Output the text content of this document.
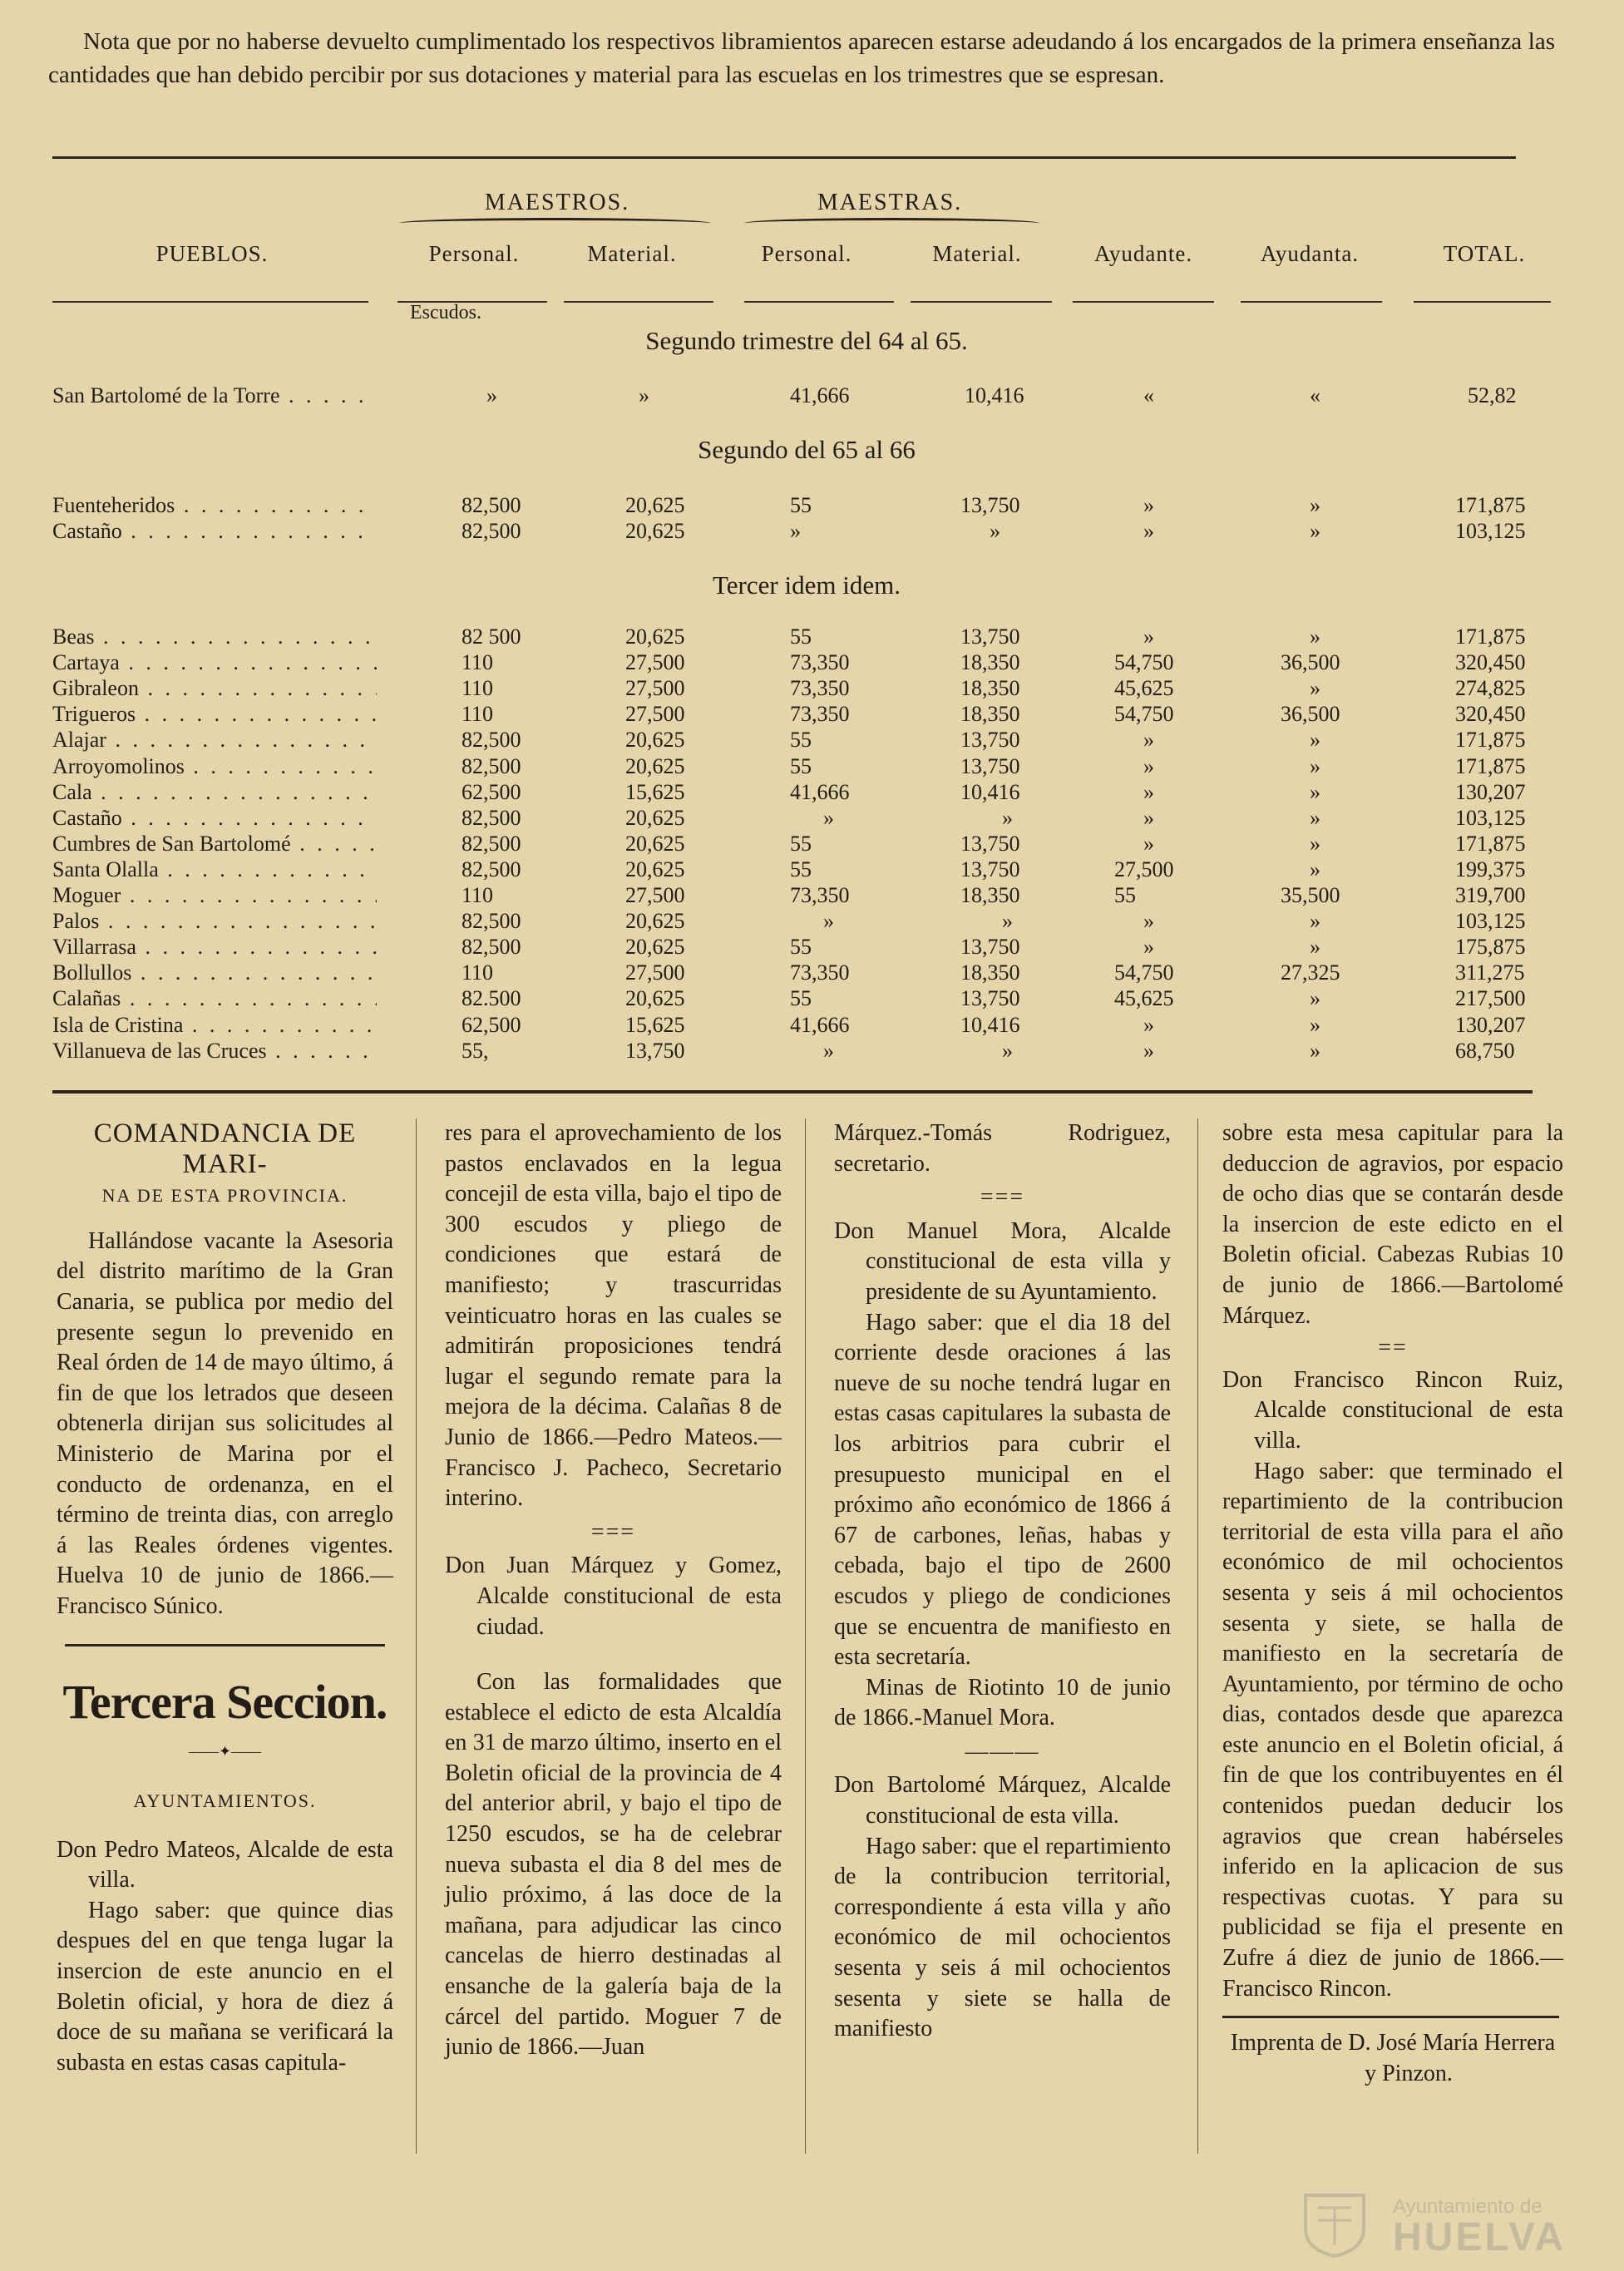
Nota que por no haberse devuelto cumplimentado los respectivos libramientos aparecen estarse adeudando á los encargados de la primera enseñanza las cantidades que han debido percibir por sus dotaciones y material para las escuelas en los trimestres que se espresan.

MAESTROS.	MAESTRAS.
PUEBLOS.	Personal.	Material.	Personal.	Material.	Ayudante.	Ayudanta.	TOTAL.
Escudos.
Segundo trimestre del 64 al 65.
San Bartolomé de la Torre . . .	»	»	41,666	10,416	«	«	52,82
Segundo del 65 al 66
Fuenteheridos . . .	82,500	20,625	55	13,750	»	»	171,875
Castaño . . .	82,500	20,625	»	»	»	»	103,125
Tercer idem idem.
Beas . . .	82 500	20,625	55	13,750	»	»	171,875
Cartaya . . .	110	27,500	73,350	18,350	54,750	36,500	320,450
Gibraleon . . .	110	27,500	73,350	18,350	45,625	»	274,825
Trigueros . . .	110	27,500	73,350	18,350	54,750	36,500	320,450
Alajar . . .	82,500	20,625	55	13,750	»	»	171,875
Arroyomolinos . . .	82,500	20,625	55	13,750	»	»	171,875
Cala . . .	62,500	15,625	41,666	10,416	»	»	130,207
Castaño . . .	82,500	20,625	»	»	»	»	103,125
Cumbres de San Bartolomé . . .	82,500	20,625	55	13,750	»	»	171,875
Santa Olalla . . .	82,500	20,625	55	13,750	27,500	»	199,375
Moguer . . .	110	27,500	73,350	18,350	55	35,500	319,700
Palos . . .	82,500	20,625	»	»	»	»	103,125
Villarrasa . . .	82,500	20,625	55	13,750	»	»	175,875
Bollullos . . .	110	27,500	73,350	18,350	54,750	27,325	311,275
Calañas . . .	82.500	20,625	55	13,750	45,625	»	217,500
Isla de Cristina . . .	62,500	15,625	41,666	10,416	»	»	130,207
Villanueva de las Cruces . . .	55,	13,750	»	»	»	»	68,750

COMANDANCIA DE MARI-

NA DE ESTA PROVINCIA.

Hallándose vacante la Asesoria del distrito marítimo de la Gran Canaria, se publica por medio del presente segun lo prevenido en Real órden de 14 de mayo último, á fin de que los letrados que deseen obtenerla dirijan sus solicitudes al Ministerio de Marina por el conducto de ordenanza, en el término de treinta dias, con arreglo á las Reales órdenes vigentes. Huelva 10 de junio de 1866.—Francisco Súnico.

Tercera Seccion.

——✦——

AYUNTAMIENTOS.

Don Pedro Mateos, Alcalde de esta villa.

Hago saber: que quince dias despues del en que tenga lugar la insercion de este anuncio en el Boletin oficial, y hora de diez á doce de su mañana se verificará la subasta en estas casas capitula-

res para el aprovechamiento de los pastos enclavados en la legua concejil de esta villa, bajo el tipo de 300 escudos y pliego de condiciones que estará de manifiesto; y trascurridas veinticuatro horas en las cuales se admitirán proposiciones tendrá lugar el segundo remate para la mejora de la décima. Calañas 8 de Junio de 1866.—Pedro Mateos.—Francisco J. Pacheco, Secretario interino.

===

Don Juan Márquez y Gomez, Alcalde constitucional de esta ciudad.

Con las formalidades que establece el edicto de esta Alcaldía en 31 de marzo último, inserto en el Boletin oficial de la provincia de 4 del anterior abril, y bajo el tipo de 1250 escudos, se ha de celebrar nueva subasta el dia 8 del mes de julio próximo, á las doce de la mañana, para adjudicar las cinco cancelas de hierro destinadas al ensanche de la galería baja de la cárcel del partido. Moguer 7 de junio de 1866.—Juan

Márquez.-Tomás Rodriguez, secretario.

===

Don Manuel Mora, Alcalde constitucional de esta villa y presidente de su Ayuntamiento.

Hago saber: que el dia 18 del corriente desde oraciones á las nueve de su noche tendrá lugar en estas casas capitulares la subasta de los arbitrios para cubrir el presupuesto municipal en el próximo año económico de 1866 á 67 de carbones, leñas, habas y cebada, bajo el tipo de 2600 escudos y pliego de condiciones que se encuentra de manifiesto en esta secretaría.

Minas de Riotinto 10 de junio de 1866.-Manuel Mora.

———

Don Bartolomé Márquez, Alcalde constitucional de esta villa.

Hago saber: que el repartimiento de la contribucion territorial, correspondiente á esta villa y año económico de mil ochocientos sesenta y seis á mil ochocientos sesenta y siete se halla de manifiesto

sobre esta mesa capitular para la deduccion de agravios, por espacio de ocho dias que se contarán desde la insercion de este edicto en el Boletin oficial. Cabezas Rubias 10 de junio de 1866.—Bartolomé Márquez.

==

Don Francisco Rincon Ruiz, Alcalde constitucional de esta villa.

Hago saber: que terminado el repartimiento de la contribucion territorial de esta villa para el año económico de mil ochocientos sesenta y seis á mil ochocientos sesenta y siete, se halla de manifiesto en la secretaría de Ayuntamiento, por término de ocho dias, contados desde que aparezca este anuncio en el Boletin oficial, á fin de que los contribuyentes en él contenidos puedan deducir los agravios que crean habérseles inferido en la aplicacion de sus respectivas cuotas. Y para su publicidad se fija el presente en Zufre á diez de junio de 1866.—Francisco Rincon.

Imprenta de D. José María Herrera y Pinzon.

Ayuntamiento de
HUELVA
